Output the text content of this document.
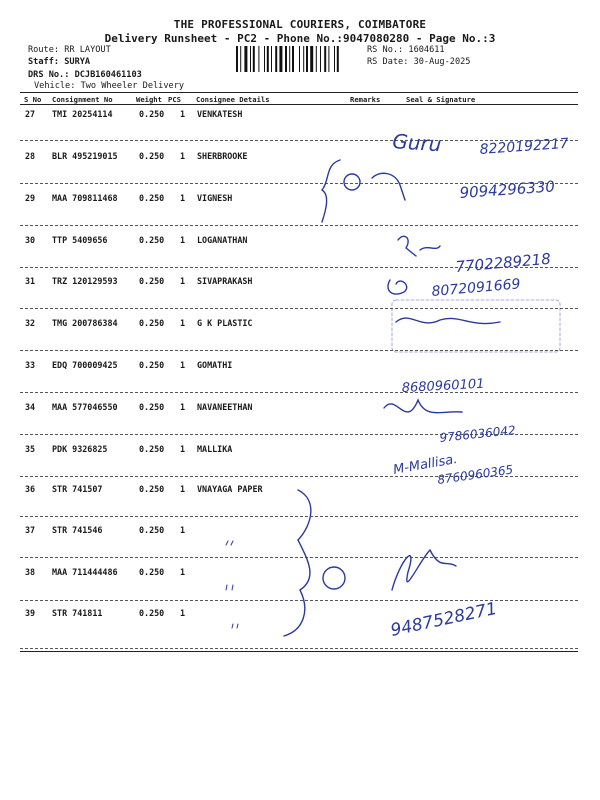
THE PROFESSIONAL COURIERS, COIMBATORE
Delivery Runsheet - PC2 - Phone No.:9047080280 - Page No.:3
Route: RR LAYOUT
Staff: SURYA
DRS No.: DCJB160461103
Vehicle: Two Wheeler Delivery
RS No.: 1604611
RS Date: 30-Aug-2025
S No Consignment No	Weight PCS Consignee Details	Remarks	Seal & Signature
27 TMI 20254114	0.250 1 VENKATESH
28 BLR 495219015	0.250 1 SHERBROOKE
29 MAA 709811468	0.250 1 VIGNESH
30 TTP 5409656	0.250 1 LOGANATHAN
31 TRZ 120129593	0.250 1 SIVAPRAKASH
32 TMG 200786384	0.250 1 G K PLASTIC
33 EDQ 700009425	0.250 1 GOMATHI
34 MAA 577046550	0.250 1 NAVANEETHAN
35 PDK 9326825	0.250 1 MALLIKA
36 STR 741507	0.250 1 VNAYAGA PAPER
37 STR 741546	0.250 1
38 MAA 711444486	0.250 1
39 STR 741811	0.250 1
Guru	8220192217
9094296330
7702289218
8072091669
8680960101
9786036042
M-Mallisa.
8760960365
9487528271
